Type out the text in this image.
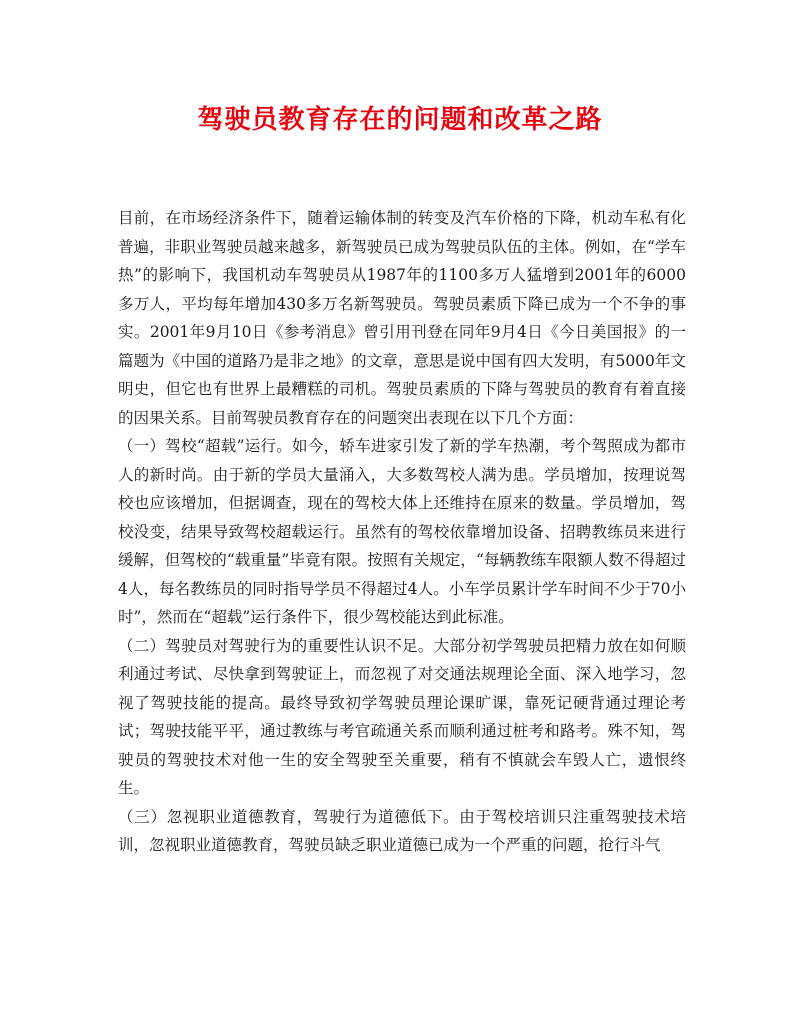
驾驶员教育存在的问题和改革之路

目前，在市场经济条件下，随着运输体制的转变及汽车价格的下降，机动车私有化普遍，非职业驾驶员越来越多，新驾驶员已成为驾驶员队伍的主体。例如，在“学车热”的影响下，我国机动车驾驶员从1987年的1100多万人猛增到2001年的6000多万人，平均每年增加430多万名新驾驶员。驾驶员素质下降已成为一个不争的事实。2001年9月10日《参考消息》曾引用刊登在同年9月4日《今日美国报》的一篇题为《中国的道路乃是非之地》的文章，意思是说中国有四大发明，有5000年文明史，但它也有世界上最糟糕的司机。驾驶员素质的下降与驾驶员的教育有着直接的因果关系。目前驾驶员教育存在的问题突出表现在以下几个方面：

（一）驾校“超载”运行。如今，轿车进家引发了新的学车热潮，考个驾照成为都市人的新时尚。由于新的学员大量涌入，大多数驾校人满为患。学员增加，按理说驾校也应该增加，但据调查，现在的驾校大体上还维持在原来的数量。学员增加，驾校没变，结果导致驾校超载运行。虽然有的驾校依靠增加设备、招聘教练员来进行缓解，但驾校的“载重量”毕竟有限。按照有关规定，“每辆教练车限额人数不得超过4人，每名教练员的同时指导学员不得超过4人。小车学员累计学车时间不少于70小时”，然而在“超载”运行条件下，很少驾校能达到此标准。

（二）驾驶员对驾驶行为的重要性认识不足。大部分初学驾驶员把精力放在如何顺利通过考试、尽快拿到驾驶证上，而忽视了对交通法规理论全面、深入地学习，忽视了驾驶技能的提高。最终导致初学驾驶员理论课旷课，靠死记硬背通过理论考试；驾驶技能平平，通过教练与考官疏通关系而顺利通过桩考和路考。殊不知，驾驶员的驾驶技术对他一生的安全驾驶至关重要，稍有不慎就会车毁人亡，遗恨终生。

（三）忽视职业道德教育，驾驶行为道德低下。由于驾校培训只注重驾驶技术培训，忽视职业道德教育，驾驶员缺乏职业道德已成为一个严重的问题，抢行斗气
